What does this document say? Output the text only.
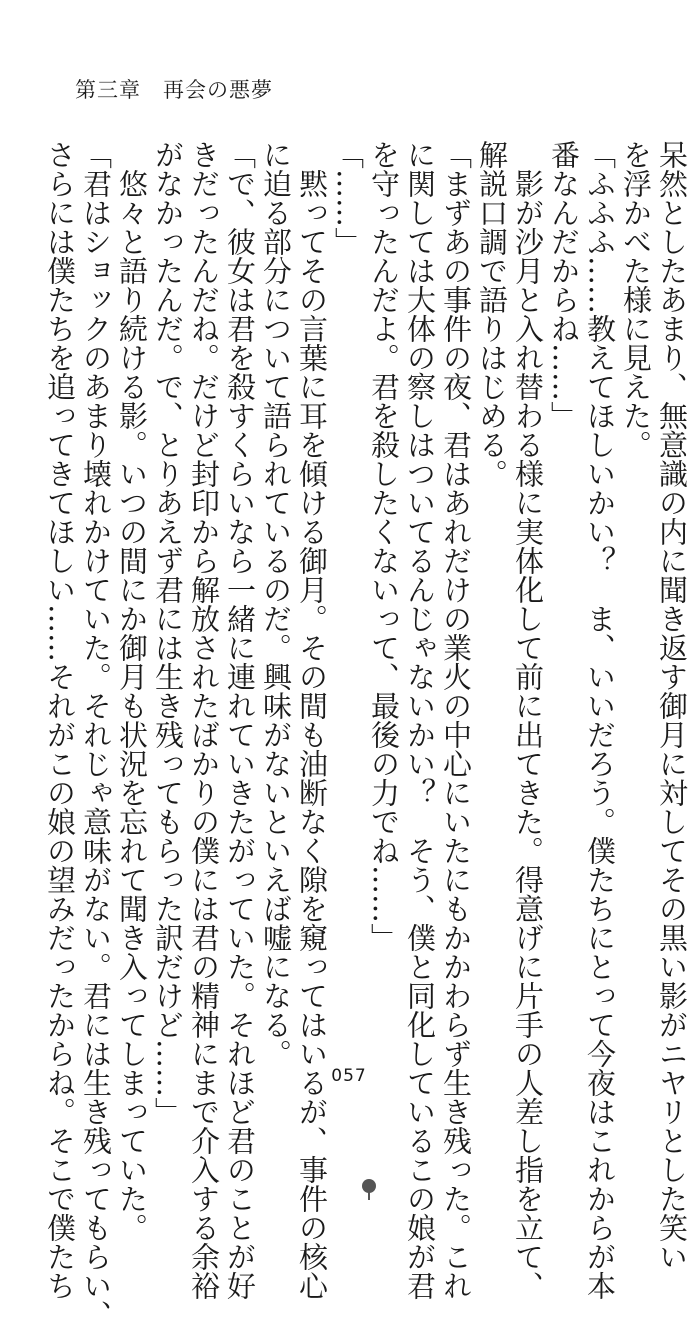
第三章　再会の悪夢

呆然としたあまり、無意識の内に聞き返す御月に対してその黒い影がニヤリとした笑い

を浮かべた様に見えた。

「ふふふ……教えてほしいかい？　ま、いいだろう。僕たちにとって今夜はこれからが本

番なんだからね……」

　影が沙月と入れ替わる様に実体化して前に出てきた。得意げに片手の人差し指を立て、

解説口調で語りはじめる。

「まずあの事件の夜、君はあれだけの業火の中心にいたにもかかわらず生き残った。これ

に関しては大体の察しはついてるんじゃないかい？　そう、僕と同化しているこの娘が君

を守ったんだよ。君を殺したくないって、最後の力でね……」

「……」

　黙ってその言葉に耳を傾ける御月。その間も油断なく隙を窺ってはいるが、事件の核心

に迫る部分について語られているのだ。興味がないといえば嘘になる。

「で、彼女は君を殺すくらいなら一緒に連れていきたがっていた。それほど君のことが好

きだったんだね。だけど封印から解放されたばかりの僕には君の精神にまで介入する余裕

がなかったんだ。で、とりあえず君には生き残ってもらった訳だけど……」

　悠々と語り続ける影。いつの間にか御月も状況を忘れて聞き入ってしまっていた。

「君はショックのあまり壊れかけていた。それじゃ意味がない。君には生き残ってもらい、

さらには僕たちを追ってきてほしい……それがこの娘の望みだったからね。そこで僕たち	057
